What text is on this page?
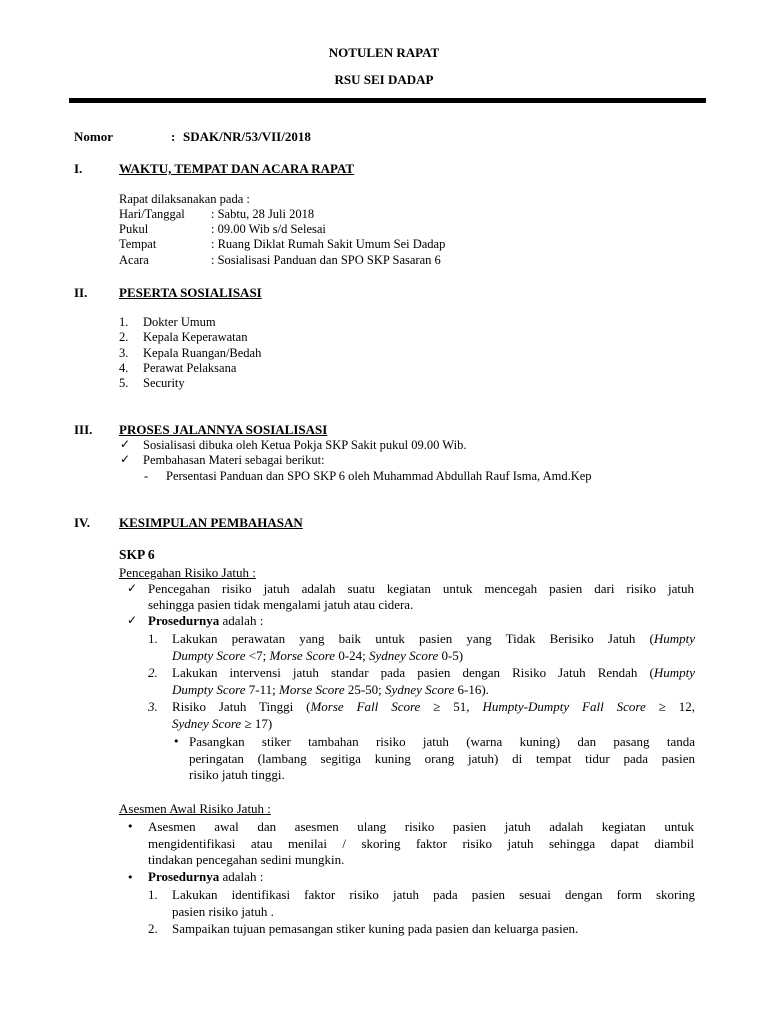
NOTULEN RAPAT
RSU SEI DADAP
Nomor	: SDAK/NR/53/VII/2018
I.	WAKTU, TEMPAT DAN ACARA RAPAT
Rapat dilaksanakan pada :
Hari/Tanggal : Sabtu, 28 Juli 2018
Pukul	: 09.00 Wib s/d Selesai
Tempat	: Ruang Diklat Rumah Sakit Umum Sei Dadap
Acara	: Sosialisasi Panduan dan SPO SKP Sasaran 6
II. PESERTA SOSIALISASI
1. Dokter Umum
2. Kepala Keperawatan
3. Kepala Ruangan/Bedah
4. Perawat Pelaksana
5. Security
III. PROSES JALANNYA SOSIALISASI
✓ Sosialisasi dibuka oleh Ketua Pokja SKP Sakit pukul 09.00 Wib.
✓ Pembahasan Materi sebagai berikut:
- Persentasi Panduan dan SPO SKP 6 oleh Muhammad Abdullah Rauf Isma, Amd.Kep
IV. KESIMPULAN PEMBAHASAN
SKP 6
Pencegahan Risiko Jatuh :
✓ Pencegahan risiko jatuh adalah suatu kegiatan untuk mencegah pasien dari risiko jatuh
sehingga pasien tidak mengalami jatuh atau cidera.
✓ Prosedurnya adalah :
1. Lakukan perawatan yang baik untuk pasien yang Tidak Berisiko Jatuh (Humpty
Dumpty Score <7; Morse Score 0-24; Sydney Score 0-5)
2. Lakukan intervensi jatuh standar pada pasien dengan Risiko Jatuh Rendah (Humpty
Dumpty Score 7-11; Morse Score 25-50; Sydney Score 6-16).
3. Risiko Jatuh Tinggi (Morse Fall Score ≥ 51, Humpty-Dumpty Fall Score ≥ 12,
Sydney Score ≥ 17)
• Pasangkan stiker tambahan risiko jatuh (warna kuning) dan pasang tanda
peringatan (lambang segitiga kuning orang jatuh) di tempat tidur pada pasien
risiko jatuh tinggi.
Asesmen Awal Risiko Jatuh :
• Asesmen awal dan asesmen ulang risiko pasien jatuh adalah kegiatan untuk
mengidentifikasi atau menilai / skoring faktor risiko jatuh sehingga dapat diambil
tindakan pencegahan sedini mungkin.
• Prosedurnya adalah :
1. Lakukan identifikasi faktor risiko jatuh pada pasien sesuai dengan form skoring
pasien risiko jatuh .
2. Sampaikan tujuan pemasangan stiker kuning pada pasien dan keluarga pasien.
